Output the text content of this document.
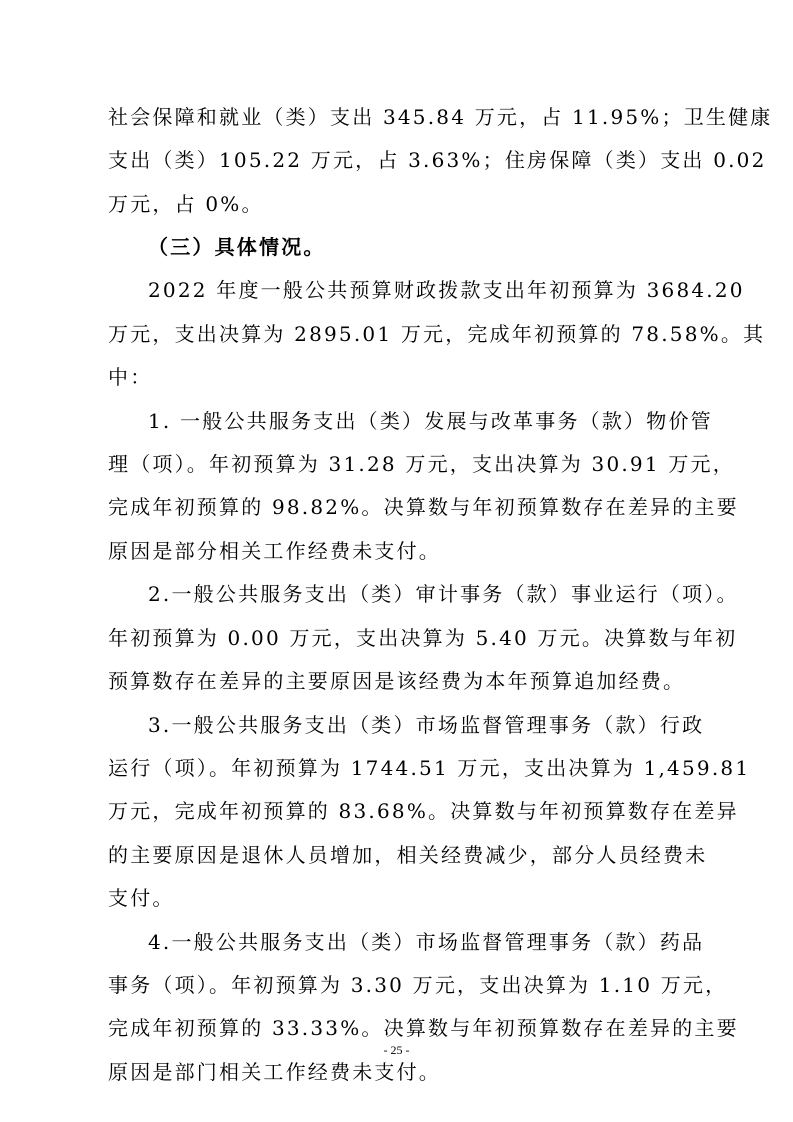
社会保障和就业（类）支出 345.84 万元，占 11.95%；卫生健康
支出（类）105.22 万元，占 3.63%；住房保障（类）支出 0.02
万元，占 0%。
（三）具体情况。
2022 年度一般公共预算财政拨款支出年初预算为 3684.20
万元，支出决算为 2895.01 万元，完成年初预算的 78.58%。其
中：
1. 一般公共服务支出（类）发展与改革事务（款）物价管
理（项）。年初预算为 31.28 万元，支出决算为 30.91 万元，
完成年初预算的 98.82%。决算数与年初预算数存在差异的主要
原因是部分相关工作经费未支付。
2.一般公共服务支出（类）审计事务（款）事业运行（项）。
年初预算为 0.00 万元，支出决算为 5.40 万元。决算数与年初
预算数存在差异的主要原因是该经费为本年预算追加经费。
3.一般公共服务支出（类）市场监督管理事务（款）行政
运行（项）。年初预算为 1744.51 万元，支出决算为 1,459.81
万元，完成年初预算的 83.68%。决算数与年初预算数存在差异
的主要原因是退休人员增加，相关经费减少，部分人员经费未
支付。
4.一般公共服务支出（类）市场监督管理事务（款）药品
事务（项）。年初预算为 3.30 万元，支出决算为 1.10 万元，
完成年初预算的 33.33%。决算数与年初预算数存在差异的主要
原因是部门相关工作经费未支付。
- 25 -
